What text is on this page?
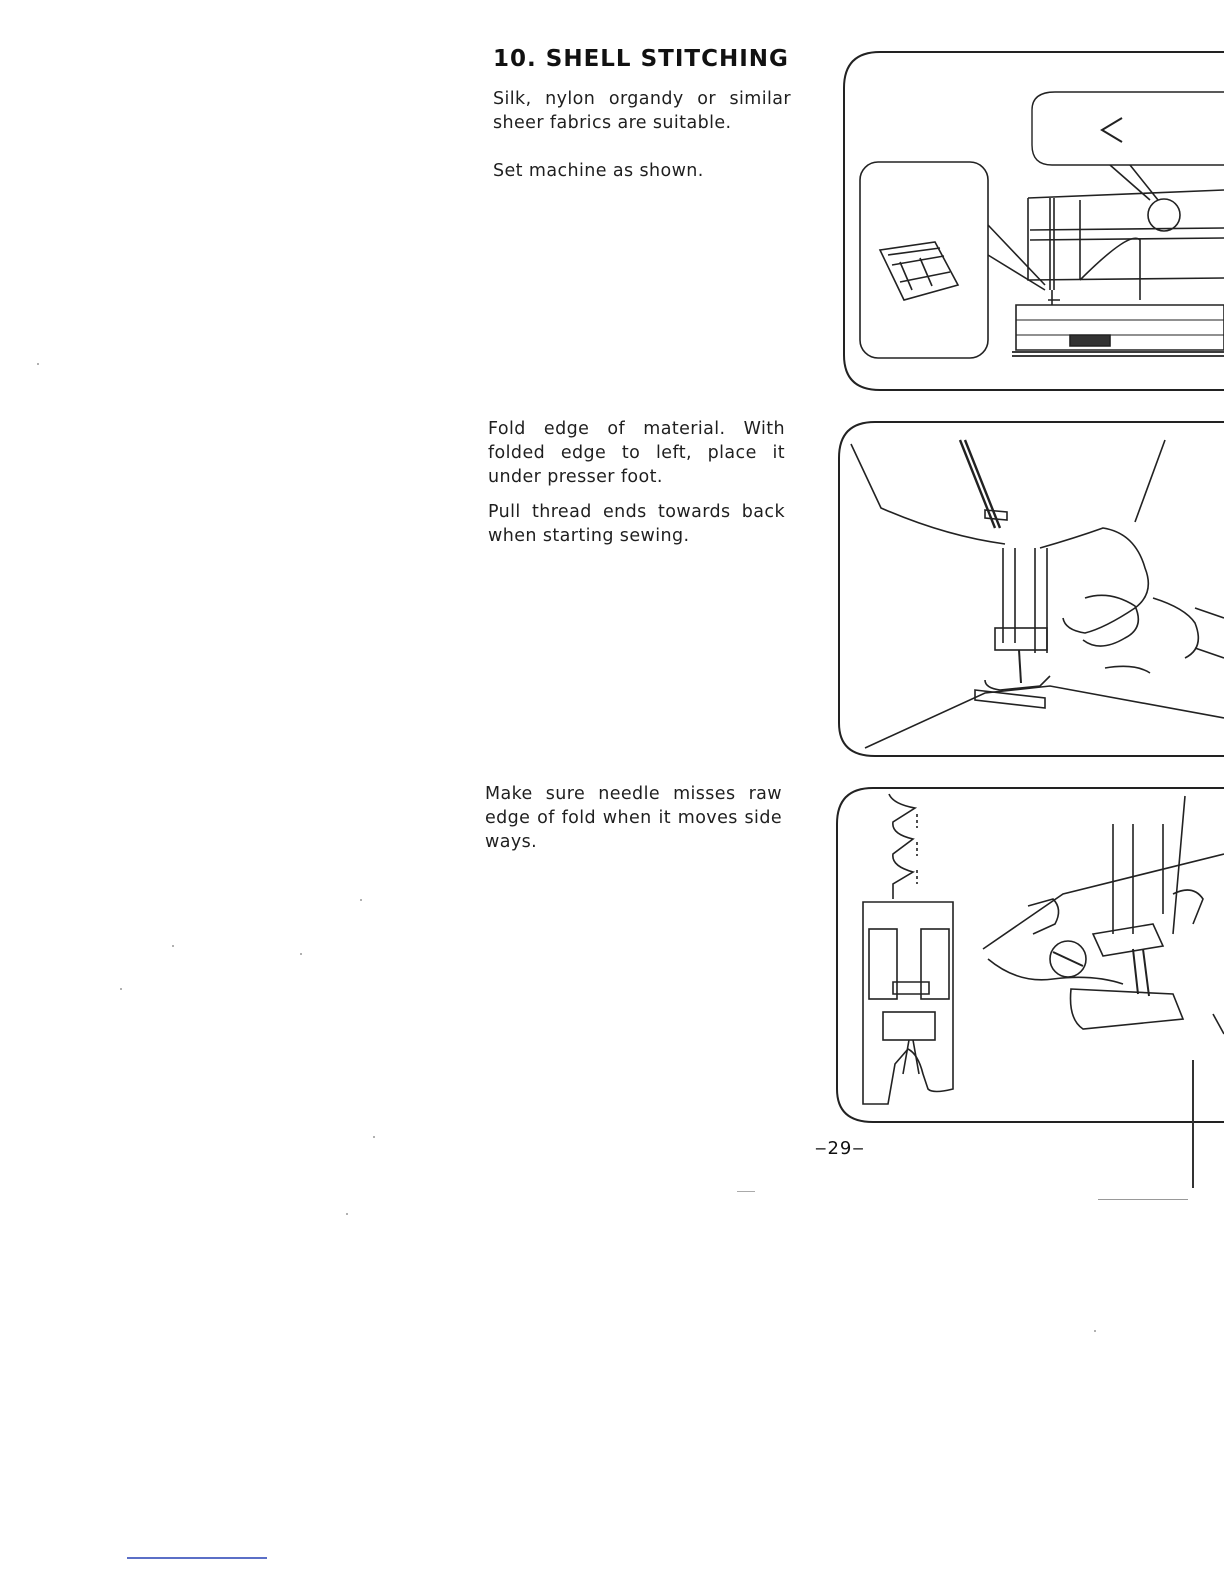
10. SHELL STITCHING
Silk, nylon organdy or similar sheer fabrics are suitable.
Set machine as shown.
Fold edge of material. With folded edge to left, place it under presser foot.
Pull thread ends towards back when starting sewing.
Make sure needle misses raw edge of fold when it moves side ways.
‒29‒
